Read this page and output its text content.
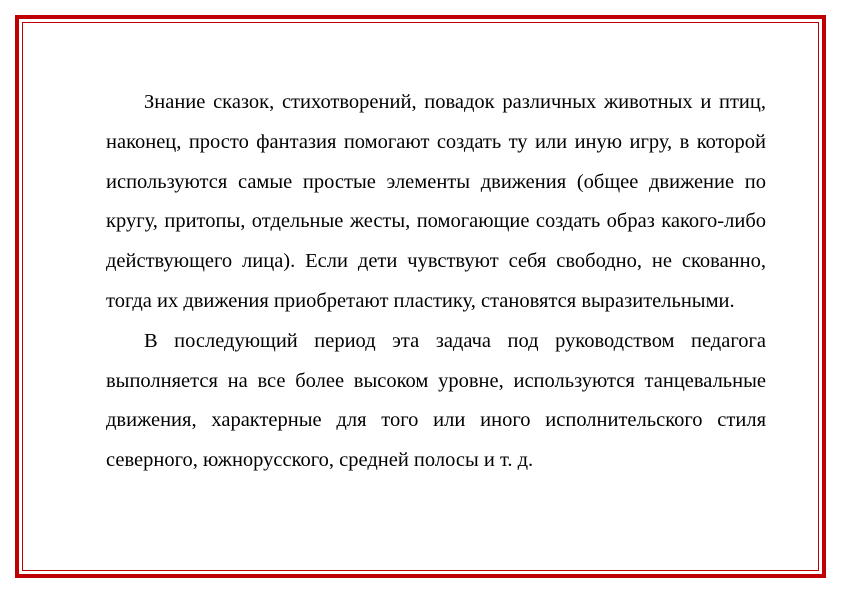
Знание сказок, стихотворений, повадок различных животных и птиц, наконец, просто фантазия помогают создать ту или иную игру, в которой используются самые простые элементы движения (общее движение по кругу, притопы, отдельные жесты, помогающие создать образ какого-либо действующего лица). Если дети чувствуют себя свободно, не скованно, тогда их движения приобретают пластику, становятся выразительными.

В последующий период эта задача под руководством педагога выполняется на все более высоком уровне, используются танцевальные движения, характерные для того или иного исполнительского стиля северного, южнорусского, средней полосы и т. д.
